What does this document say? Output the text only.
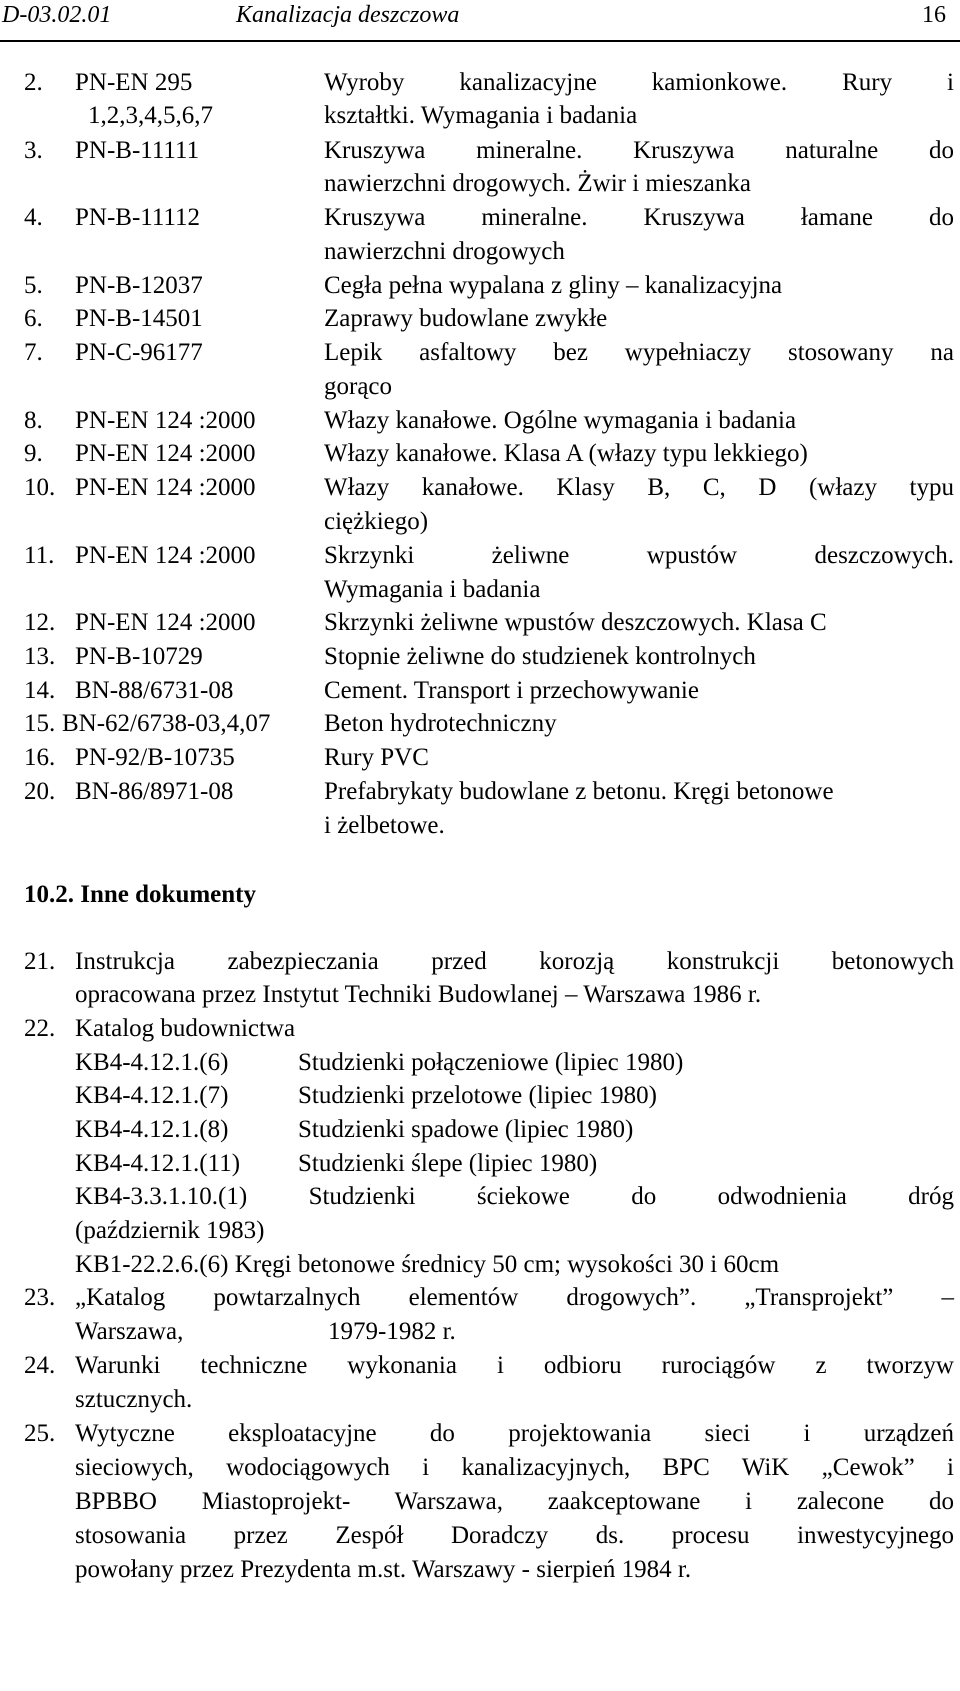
D-03.02.01	Kanalizacja deszczowa	16
2. PN-EN 295	Wyroby kanalizacyjne kamionkowe. Rury i
1,2,3,4,5,6,7	kształtki. Wymagania i badania
3. PN-B-11111	Kruszywa mineralne. Kruszywa naturalne do
nawierzchni drogowych. Żwir i mieszanka
4. PN-B-11112	Kruszywa mineralne. Kruszywa łamane do
nawierzchni drogowych
5. PN-B-12037	Cegła pełna wypalana z gliny – kanalizacyjna
6. PN-B-14501	Zaprawy budowlane zwykłe
7. PN-C-96177	Lepik asfaltowy bez wypełniaczy stosowany na
gorąco
8. PN-EN 124 :2000	Włazy kanałowe. Ogólne wymagania i badania
9. PN-EN 124 :2000	Włazy kanałowe. Klasa A (włazy typu lekkiego)
10. PN-EN 124 :2000	Włazy kanałowe. Klasy B, C, D (włazy typu
ciężkiego)
11. PN-EN 124 :2000	Skrzynki żeliwne wpustów deszczowych.
Wymagania i badania
12. PN-EN 124 :2000	Skrzynki żeliwne wpustów deszczowych. Klasa C
13. PN-B-10729	Stopnie żeliwne do studzienek kontrolnych
14. BN-88/6731-08	Cement. Transport i przechowywanie
15. BN-62/6738-03,4,07 Beton hydrotechniczny
16. PN-92/B-10735	Rury PVC
20. BN-86/8971-08	Prefabrykaty budowlane z betonu. Kręgi betonowe
i żelbetowe.
10.2. Inne dokumenty
21. Instrukcja zabezpieczania przed korozją konstrukcji betonowych
opracowana przez Instytut Techniki Budowlanej – Warszawa 1986 r.
22. Katalog budownictwa
KB4-4.12.1.(6)	Studzienki połączeniowe (lipiec 1980)
KB4-4.12.1.(7)	Studzienki przelotowe (lipiec 1980)
KB4-4.12.1.(8)	Studzienki spadowe (lipiec 1980)
KB4-4.12.1.(11) Studzienki ślepe (lipiec 1980)
KB4-3.3.1.10.(1) Studzienki ściekowe do odwodnienia dróg
(październik 1983)
KB1-22.2.6.(6) Kręgi betonowe średnicy 50 cm; wysokości 30 i 60cm
23. „Katalog powtarzalnych elementów drogowych”. „Transprojekt” –
Warszawa,	1979-1982 r.
24. Warunki techniczne wykonania i odbioru rurociągów z tworzyw
sztucznych.
25. Wytyczne eksploatacyjne do projektowania sieci i urządzeń
sieciowych, wodociągowych i kanalizacyjnych, BPC WiK „Cewok” i
BPBBO Miastoprojekt- Warszawa, zaakceptowane i zalecone do
stosowania przez Zespół Doradczy ds. procesu inwestycyjnego
powołany przez Prezydenta m.st. Warszawy - sierpień 1984 r.
